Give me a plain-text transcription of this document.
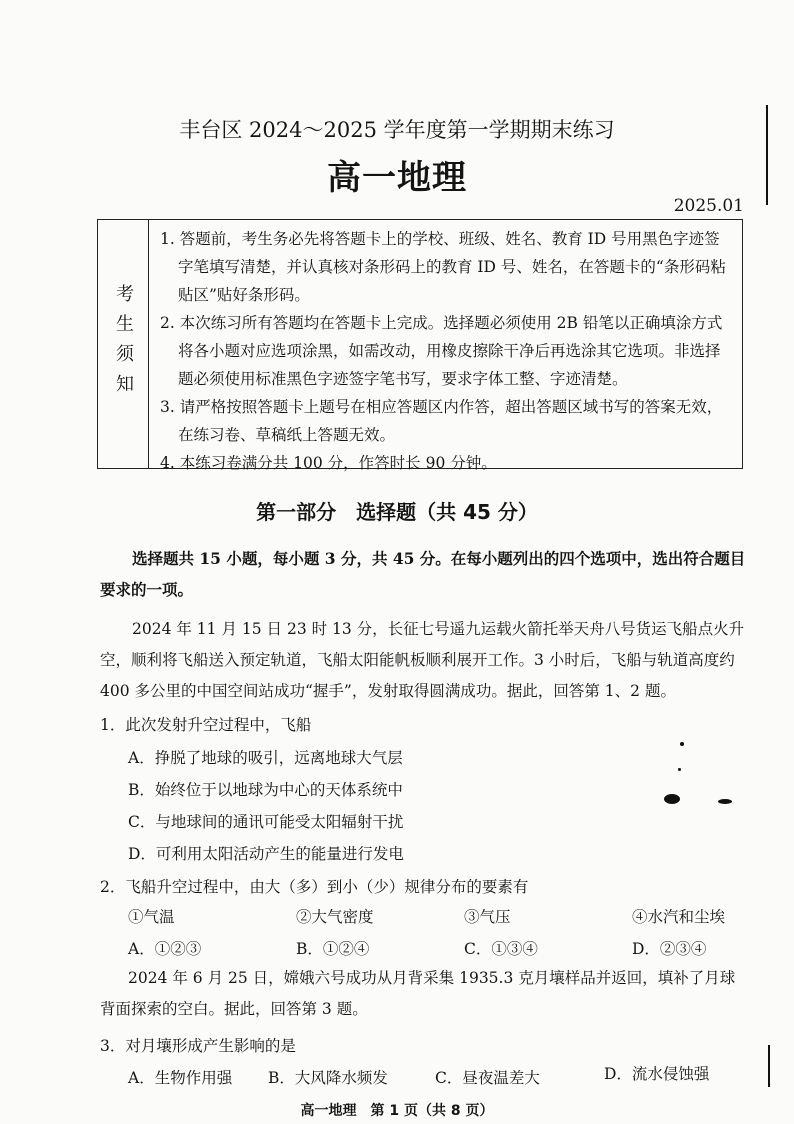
丰台区 2024～2025 学年度第一学期期末练习
高一地理
2025.01
考生须知
1. 答题前，考生务必先将答题卡上的学校、班级、姓名、教育 ID 号用黑色字迹签字笔填写清楚，并认真核对条形码上的教育 ID 号、姓名，在答题卡的“条形码粘贴区”贴好条形码。
2. 本次练习所有答题均在答题卡上完成。选择题必须使用 2B 铅笔以正确填涂方式将各小题对应选项涂黑，如需改动，用橡皮擦除干净后再选涂其它选项。非选择题必须使用标准黑色字迹签字笔书写，要求字体工整、字迹清楚。
3. 请严格按照答题卡上题号在相应答题区内作答，超出答题区域书写的答案无效，在练习卷、草稿纸上答题无效。
4. 本练习卷满分共 100 分，作答时长 90 分钟。
第一部分　选择题（共 45 分）
选择题共 15 小题，每小题 3 分，共 45 分。在每小题列出的四个选项中，选出符合题目要求的一项。
2024 年 11 月 15 日 23 时 13 分，长征七号遥九运载火箭托举天舟八号货运飞船点火升空，顺利将飞船送入预定轨道，飞船太阳能帆板顺利展开工作。3 小时后，飞船与轨道高度约 400 多公里的中国空间站成功“握手”，发射取得圆满成功。据此，回答第 1、2 题。
1．此次发射升空过程中，飞船
A．挣脱了地球的吸引，远离地球大气层
B．始终位于以地球为中心的天体系统中
C．与地球间的通讯可能受太阳辐射干扰
D．可利用太阳活动产生的能量进行发电
2．飞船升空过程中，由大（多）到小（少）规律分布的要素有
①气温	②大气密度	③气压	④水汽和尘埃
A．①②③	B．①②④	C．①③④	D．②③④
2024 年 6 月 25 日，嫦娥六号成功从月背采集 1935.3 克月壤样品并返回，填补了月球背面探索的空白。据此，回答第 3 题。
3．对月壤形成产生影响的是
A．生物作用强 B．大风降水频发	C．昼夜温差大	D．流水侵蚀强
高一地理　第 1 页（共 8 页）
